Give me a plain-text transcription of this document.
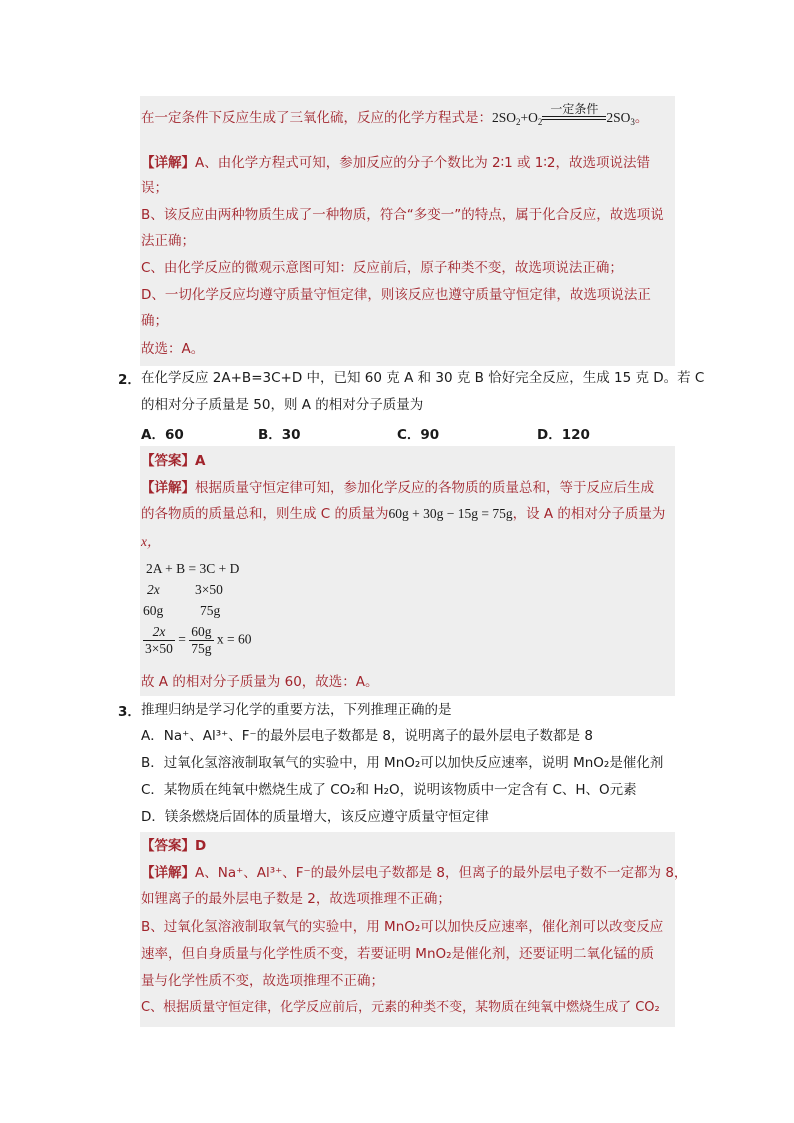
在一定条件下反应生成了三氧化硫，反应的化学方程式是：$2SO_2+O_2$
一定条件
$2SO_3$。
【详解】A、由化学方程式可知，参加反应的分子个数比为 2∶1 或 1∶2，故选项说法错
误；
B、该反应由两种物质生成了一种物质，符合“多变一”的特点，属于化合反应，故选项说
法正确；
C、由化学反应的微观示意图可知：反应前后，原子种类不变，故选项说法正确；
D、一切化学反应均遵守质量守恒定律，则该反应也遵守质量守恒定律，故选项说法正
确；
故选：A。
2． 在化学反应 2A+B=3C+D 中，已知 60 克 A 和 30 克 B 恰好完全反应，生成 15 克 D。若 C
的相对分子质量是 50，则 A 的相对分子质量为
A．60	B．30	C．90	D．120
【答案】A
【详解】根据质量守恒定律可知，参加化学反应的各物质的质量总和，等于反应后生成
的各物质的质量总和，则生成 C 的质量为60g + 30g − 15g = 75g，设 A 的相对分子质量为
x，
2A + B = 3C + D
2x	3×50
60g	75g
$\frac{2x}{3\times 50} = \frac{60g}{75g}$ x = 60
故 A 的相对分子质量为 60，故选：A。
3． 推理归纳是学习化学的重要方法，下列推理正确的是
A．Na⁺、Al³⁺、F⁻的最外层电子数都是 8，说明离子的最外层电子数都是 8
B．过氧化氢溶液制取氧气的实验中，用 MnO₂可以加快反应速率，说明 MnO₂是催化剂
C．某物质在纯氧中燃烧生成了 CO₂和 H₂O，说明该物质中一定含有 C、H、O元素
D．镁条燃烧后固体的质量增大，该反应遵守质量守恒定律
【答案】D
【详解】A、Na⁺、Al³⁺、F⁻的最外层电子数都是 8，但离子的最外层电子数不一定都为 8，
如锂离子的最外层电子数是 2，故选项推理不正确；
B、过氧化氢溶液制取氧气的实验中，用 MnO₂可以加快反应速率，催化剂可以改变反应
速率，但自身质量与化学性质不变，若要证明 MnO₂是催化剂，还要证明二氧化锰的质
量与化学性质不变，故选项推理不正确；
C、根据质量守恒定律，化学反应前后，元素的种类不变，某物质在纯氧中燃烧生成了 CO₂
